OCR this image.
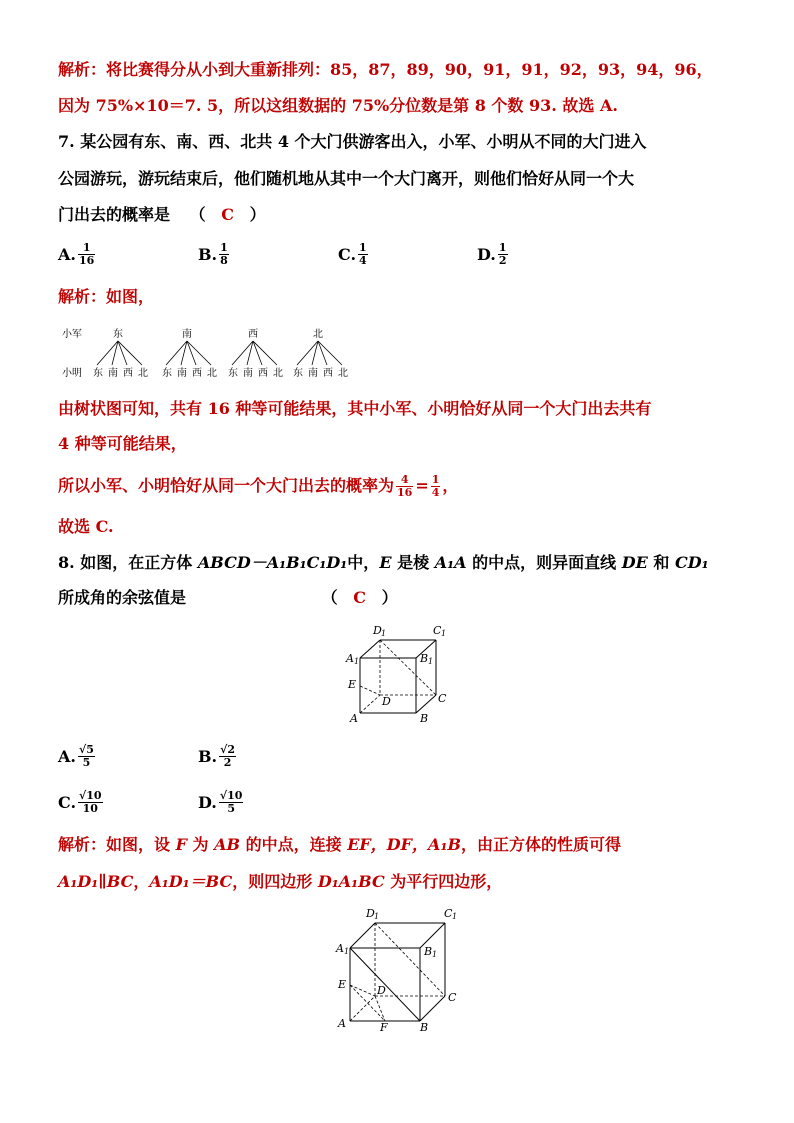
解析：将比赛得分从小到大重新排列：85，87，89，90，91，91，92，93，94，96，
因为 75%×10＝7. 5，所以这组数据的 75%分位数是第 8 个数 93. 故选 A.
7. 某公园有东、南、西、北共 4 个大门供游客出入，小军、小明从不同的大门进入
公园游玩，游玩结束后，他们随机地从其中一个大门离开，则他们恰好从同一个大
门出去的概率是 （ C ）
A. $\frac{1}{16}$	B. $\frac{1}{8}$	C. $\frac{1}{4}$	D. $\frac{1}{2}$
解析：如图，
小军
小明
东	南	西	北
东 南 西 北 东 南 西 北 东 南 西 北 东 南 西 北
由树状图可知，共有 16 种等可能结果，其中小军、小明恰好从同一个大门出去共有
4 种等可能结果，
所以小军、小明恰好从同一个大门出去的概率为 $\frac{4}{16} = \frac{1}{4}$ ，
故选 C.
8. 如图，在正方体 ABCD－A₁B₁C₁D₁中，E 是棱 A₁A 的中点，则异面直线 DE 和 CD₁
所成角的余弦值是	（ C ）
D 1	C 1
A 1	B 1
E
D	C
A	B
A. $\frac{√5}{5}$	B. $\frac{√2}{2}$
C. $\frac{√10}{10}$	D. $\frac{√10}{5}$
解析：如图，设 F 为 AB 的中点，连接 EF，DF，A₁B，由正方体的性质可得
A₁D₁∥BC，A₁D₁＝BC，则四边形 D₁A₁BC 为平行四边形，
D 1	C 1
A 1	B 1
E	D
C
A	B
F
